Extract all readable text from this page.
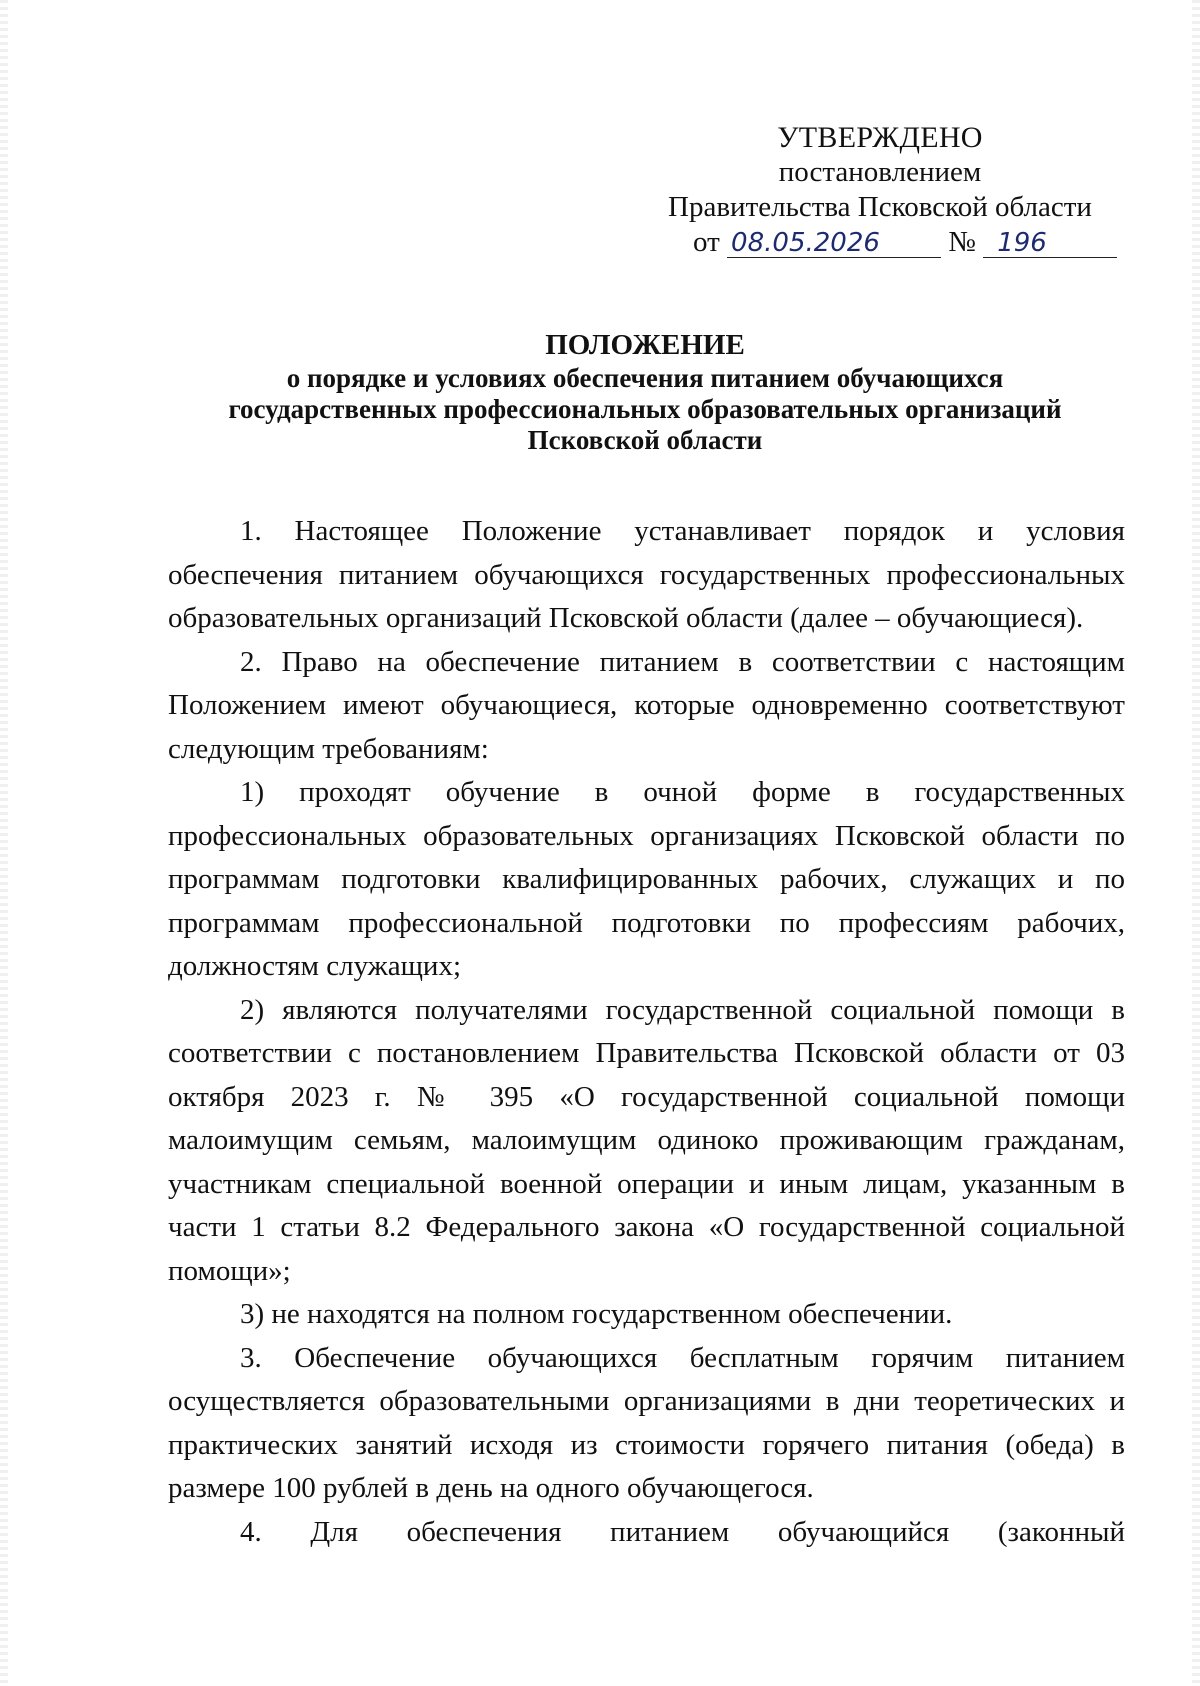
УТВЕРЖДЕНО
постановлением
Правительства Псковской области
от 08.05.2026 № 196
ПОЛОЖЕНИЕ
о порядке и условиях обеспечения питанием обучающихся
государственных профессиональных образовательных организаций
Псковской области

1. Настоящее Положение устанавливает порядок и условия обеспечения питанием обучающихся государственных профессиональных образовательных организаций Псковской области (далее – обучающиеся).

2. Право на обеспечение питанием в соответствии с настоящим Положением имеют обучающиеся, которые одновременно соответствуют следующим требованиям:

1) проходят обучение в очной форме в государственных профессиональных образовательных организациях Псковской области по программам подготовки квалифицированных рабочих, служащих и по программам профессиональной подготовки по профессиям рабочих, должностям служащих;

2) являются получателями государственной социальной помощи в соответствии с постановлением Правительства Псковской области от 03 октября 2023 г. № 395 «О государственной социальной помощи малоимущим семьям, малоимущим одиноко проживающим гражданам, участникам специальной военной операции и иным лицам, указанным в части 1 статьи 8.2 Федерального закона «О государственной социальной помощи»;

3) не находятся на полном государственном обеспечении.

3. Обеспечение обучающихся бесплатным горячим питанием осуществляется образовательными организациями в дни теоретических и практических занятий исходя из стоимости горячего питания (обеда) в размере 100 рублей в день на одного обучающегося.

4. Для обеспечения питанием обучающийся (законный
